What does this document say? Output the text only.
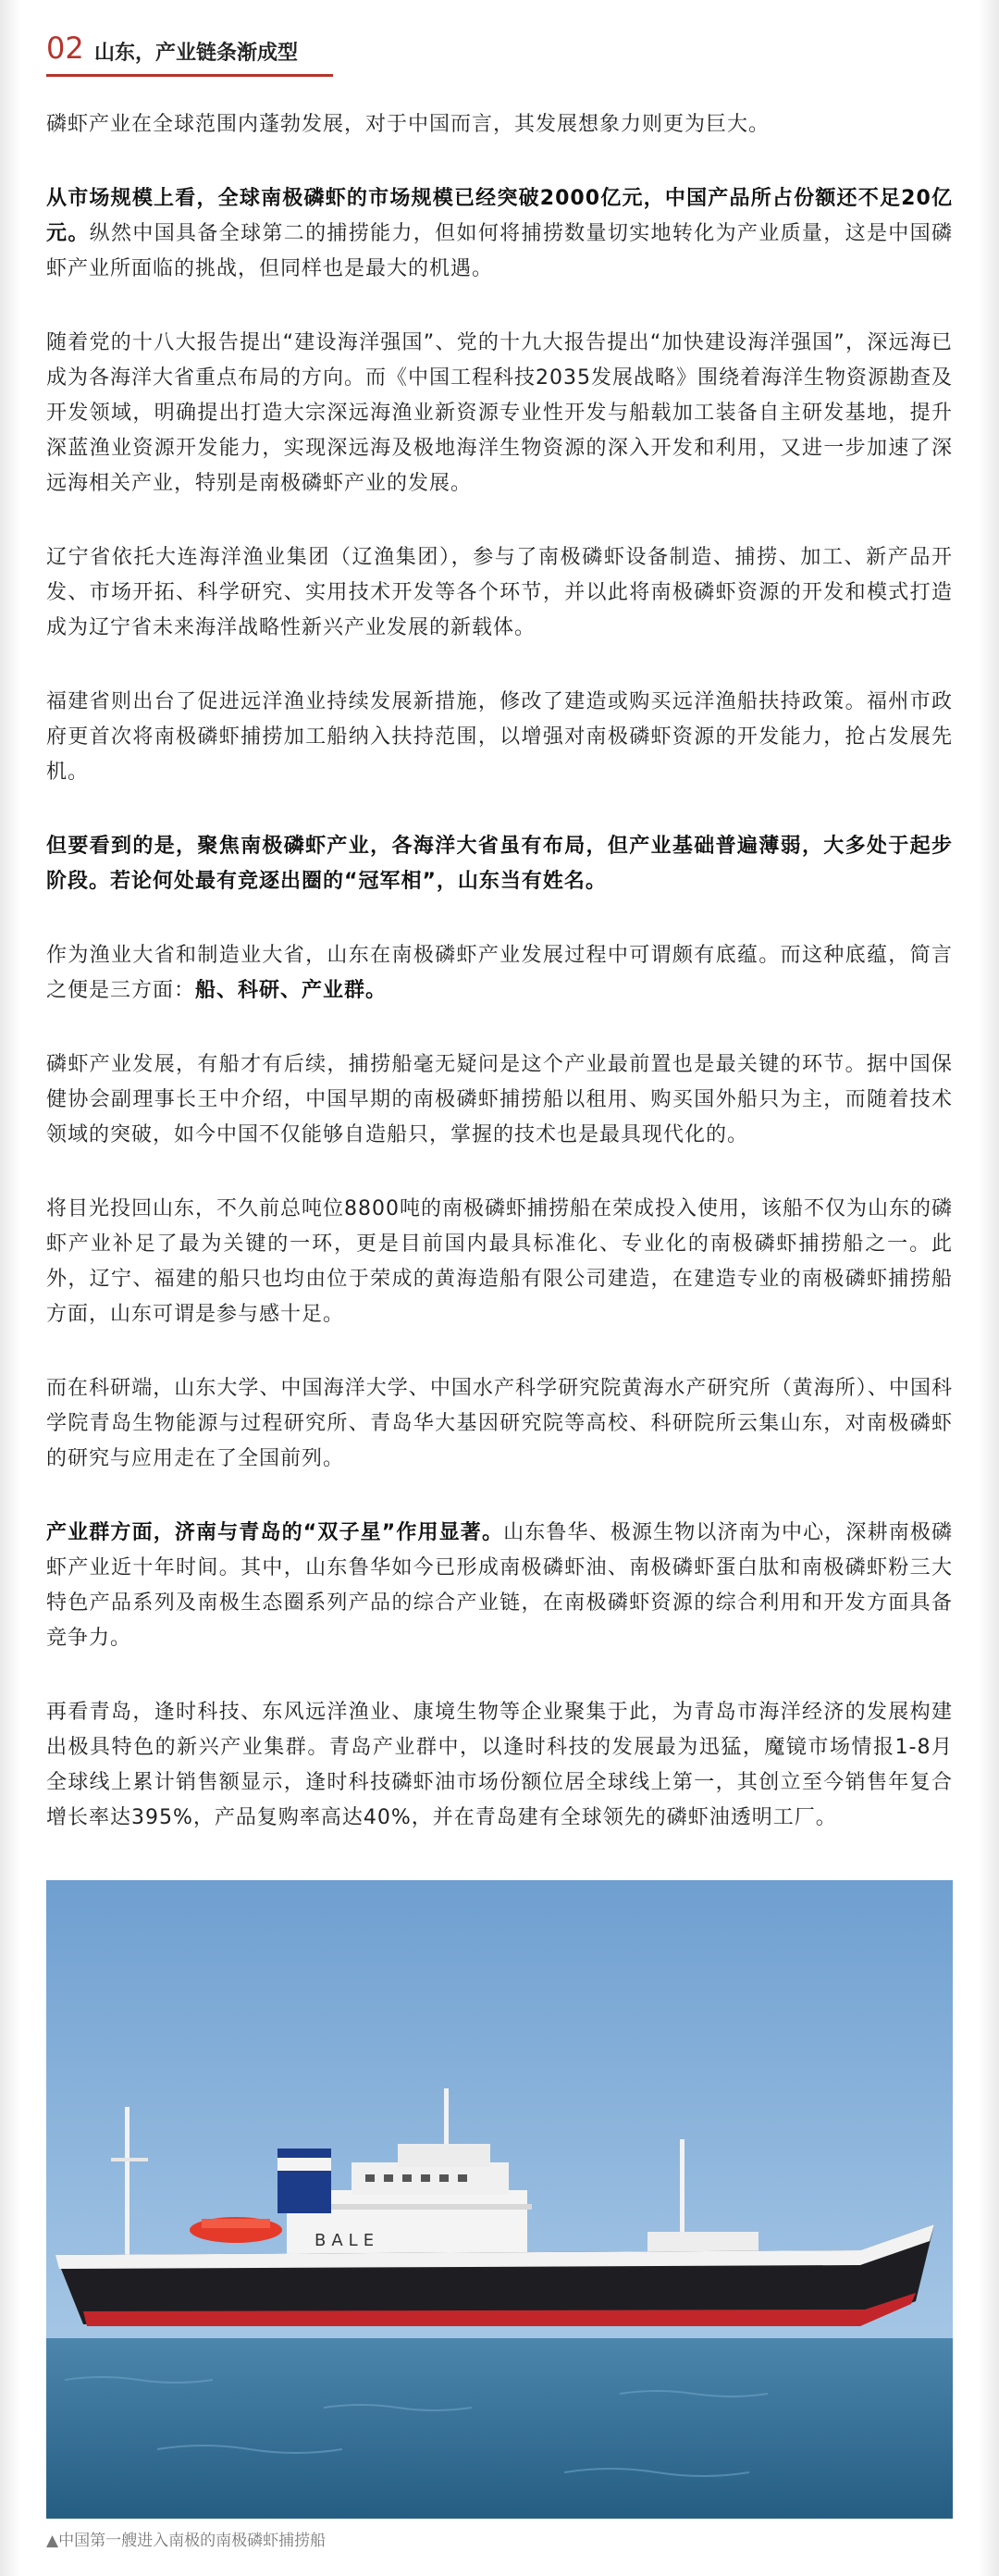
02 山东，产业链条渐成型

磷虾产业在全球范围内蓬勃发展，对于中国而言，其发展想象力则更为巨大。

从市场规模上看，全球南极磷虾的市场规模已经突破2000亿元，中国产品所占份额还不足20亿元。纵然中国具备全球第二的捕捞能力，但如何将捕捞数量切实地转化为产业质量，这是中国磷虾产业所面临的挑战，但同样也是最大的机遇。

随着党的十八大报告提出“建设海洋强国”、党的十九大报告提出“加快建设海洋强国”，深远海已成为各海洋大省重点布局的方向。而《中国工程科技2035发展战略》围绕着海洋生物资源勘查及开发领域，明确提出打造大宗深远海渔业新资源专业性开发与船载加工装备自主研发基地，提升深蓝渔业资源开发能力，实现深远海及极地海洋生物资源的深入开发和利用，又进一步加速了深远海相关产业，特别是南极磷虾产业的发展。

辽宁省依托大连海洋渔业集团（辽渔集团），参与了南极磷虾设备制造、捕捞、加工、新产品开发、市场开拓、科学研究、实用技术开发等各个环节，并以此将南极磷虾资源的开发和模式打造成为辽宁省未来海洋战略性新兴产业发展的新载体。

福建省则出台了促进远洋渔业持续发展新措施，修改了建造或购买远洋渔船扶持政策。福州市政府更首次将南极磷虾捕捞加工船纳入扶持范围，以增强对南极磷虾资源的开发能力，抢占发展先机。

但要看到的是，聚焦南极磷虾产业，各海洋大省虽有布局，但产业基础普遍薄弱，大多处于起步阶段。若论何处最有竞逐出圈的“冠军相”，山东当有姓名。

作为渔业大省和制造业大省，山东在南极磷虾产业发展过程中可谓颇有底蕴。而这种底蕴，简言之便是三方面：船、科研、产业群。

磷虾产业发展，有船才有后续，捕捞船毫无疑问是这个产业最前置也是最关键的环节。据中国保健协会副理事长王中介绍，中国早期的南极磷虾捕捞船以租用、购买国外船只为主，而随着技术领域的突破，如今中国不仅能够自造船只，掌握的技术也是最具现代化的。

将目光投回山东，不久前总吨位8800吨的南极磷虾捕捞船在荣成投入使用，该船不仅为山东的磷虾产业补足了最为关键的一环，更是目前国内最具标准化、专业化的南极磷虾捕捞船之一。此外，辽宁、福建的船只也均由位于荣成的黄海造船有限公司建造，在建造专业的南极磷虾捕捞船方面，山东可谓是参与感十足。

而在科研端，山东大学、中国海洋大学、中国水产科学研究院黄海水产研究所（黄海所）、中国科学院青岛生物能源与过程研究所、青岛华大基因研究院等高校、科研院所云集山东，对南极磷虾的研究与应用走在了全国前列。

产业群方面，济南与青岛的“双子星”作用显著。山东鲁华、极源生物以济南为中心，深耕南极磷虾产业近十年时间。其中，山东鲁华如今已形成南极磷虾油、南极磷虾蛋白肽和南极磷虾粉三大特色产品系列及南极生态圈系列产品的综合产业链，在南极磷虾资源的综合利用和开发方面具备竞争力。

再看青岛，逢时科技、东风远洋渔业、康境生物等企业聚集于此，为青岛市海洋经济的发展构建出极具特色的新兴产业集群。青岛产业群中，以逢时科技的发展最为迅猛，魔镜市场情报1-8月全球线上累计销售额显示，逢时科技磷虾油市场份额位居全球线上第一，其创立至今销售年复合增长率达395%，产品复购率高达40%，并在青岛建有全球领先的磷虾油透明工厂。

BALE
▲中国第一艘进入南极的南极磷虾捕捞船
